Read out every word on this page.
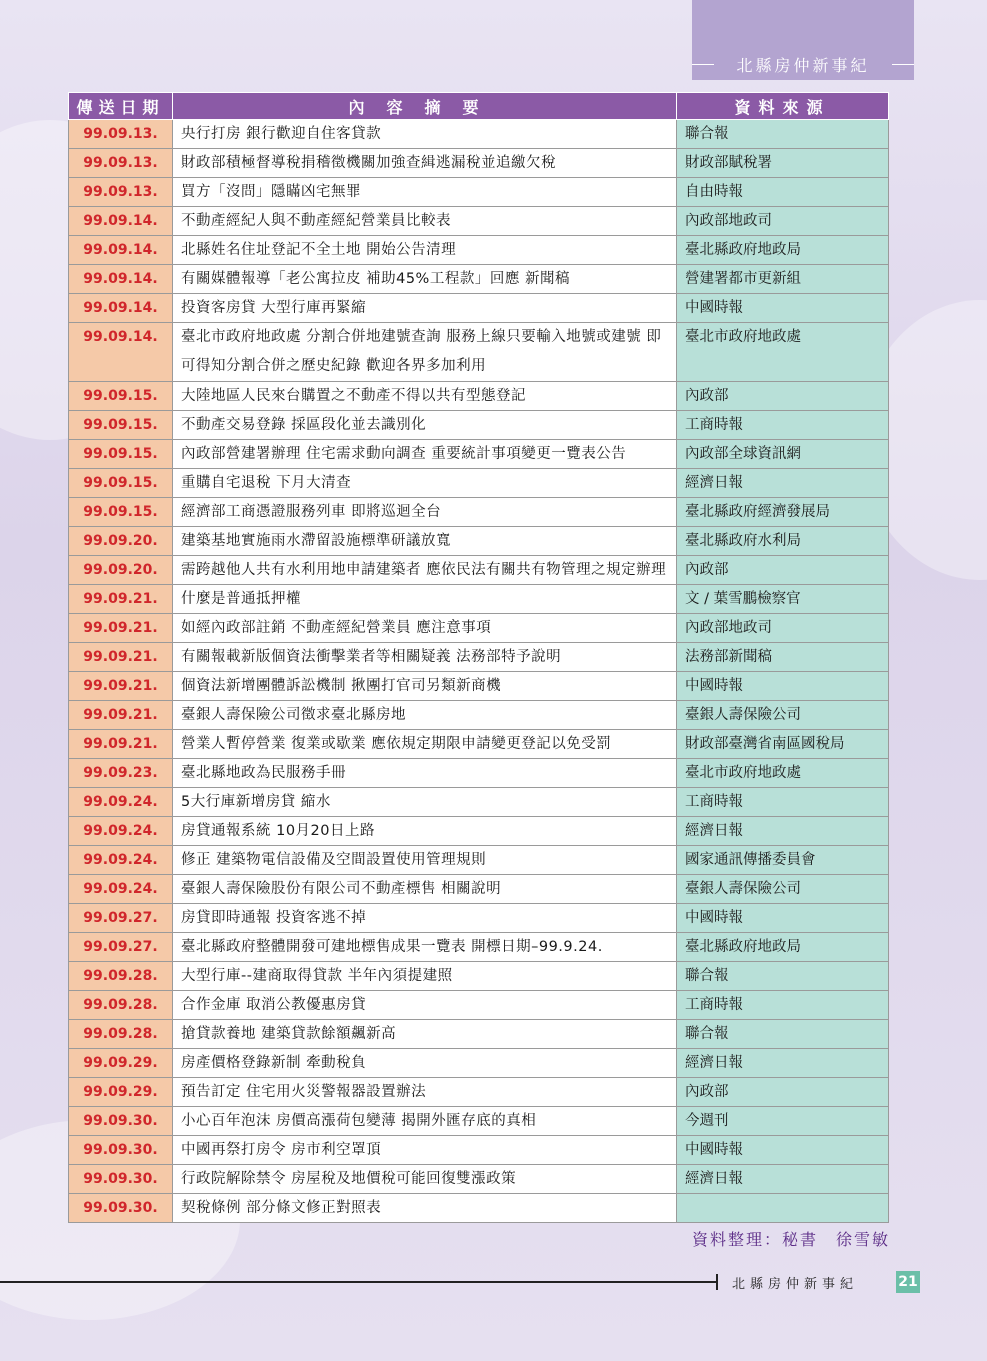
北縣房仲新事紀
傳送日期	內容摘要	資料來源
99.09.13.	央行打房 銀行歡迎自住客貸款	聯合報
99.09.13.	財政部積極督導稅捐稽徵機關加強查緝逃漏稅並追繳欠稅	財政部賦稅署
99.09.13.	買方「沒問」隱瞞凶宅無罪	自由時報
99.09.14.	不動產經紀人與不動產經紀營業員比較表	內政部地政司
99.09.14.	北縣姓名住址登記不全土地 開始公告清理	臺北縣政府地政局
99.09.14.	有關媒體報導「老公寓拉皮 補助45%工程款」回應 新聞稿	營建署都市更新組
99.09.14.	投資客房貸 大型行庫再緊縮	中國時報
99.09.14.	臺北市政府地政處 分割合併地建號查詢 服務上線只要輸入地號或建號 即可得知分割合併之歷史紀錄 歡迎各界多加利用	臺北市政府地政處
99.09.15.	大陸地區人民來台購置之不動產不得以共有型態登記	內政部
99.09.15.	不動產交易登錄 採區段化並去識別化	工商時報
99.09.15.	內政部營建署辦理 住宅需求動向調查 重要統計事項變更一覽表公告	內政部全球資訊網
99.09.15.	重購自宅退稅 下月大清查	經濟日報
99.09.15.	經濟部工商憑證服務列車 即將巡迴全台	臺北縣政府經濟發展局
99.09.20.	建築基地實施雨水滯留設施標準研議放寬	臺北縣政府水利局
99.09.20.	需跨越他人共有水利用地申請建築者 應依民法有關共有物管理之規定辦理	內政部
99.09.21.	什麼是普通抵押權	文 / 葉雪鵬檢察官
99.09.21.	如經內政部註銷 不動產經紀營業員 應注意事項	內政部地政司
99.09.21.	有關報載新版個資法衝擊業者等相關疑義 法務部特予說明	法務部新聞稿
99.09.21.	個資法新增團體訴訟機制 揪團打官司另類新商機	中國時報
99.09.21.	臺銀人壽保險公司徵求臺北縣房地	臺銀人壽保險公司
99.09.21.	營業人暫停營業 復業或歇業 應依規定期限申請變更登記以免受罰	財政部臺灣省南區國稅局
99.09.23.	臺北縣地政為民服務手冊	臺北市政府地政處
99.09.24.	5大行庫新增房貸 縮水	工商時報
99.09.24.	房貸通報系統 10月20日上路	經濟日報
99.09.24.	修正 建築物電信設備及空間設置使用管理規則	國家通訊傳播委員會
99.09.24.	臺銀人壽保險股份有限公司不動產標售 相關說明	臺銀人壽保險公司
99.09.27.	房貸即時通報 投資客逃不掉	中國時報
99.09.27.	臺北縣政府整體開發可建地標售成果一覽表 開標日期–99.9.24.	臺北縣政府地政局
99.09.28.	大型行庫--建商取得貸款 半年內須提建照	聯合報
99.09.28.	合作金庫 取消公教優惠房貸	工商時報
99.09.28.	搶貸款養地 建築貸款餘額飆新高	聯合報
99.09.29.	房產價格登錄新制 牽動稅負	經濟日報
99.09.29.	預告訂定 住宅用火災警報器設置辦法	內政部
99.09.30.	小心百年泡沫 房價高漲荷包變薄 揭開外匯存底的真相	今週刊
99.09.30.	中國再祭打房令 房市利空罩頂	中國時報
99.09.30.	行政院解除禁令 房屋稅及地價稅可能回復雙漲政策	經濟日報
99.09.30.	契稅條例 部分條文修正對照表	
資料整理：秘書　徐雪敏
北縣房仲新事紀	21
